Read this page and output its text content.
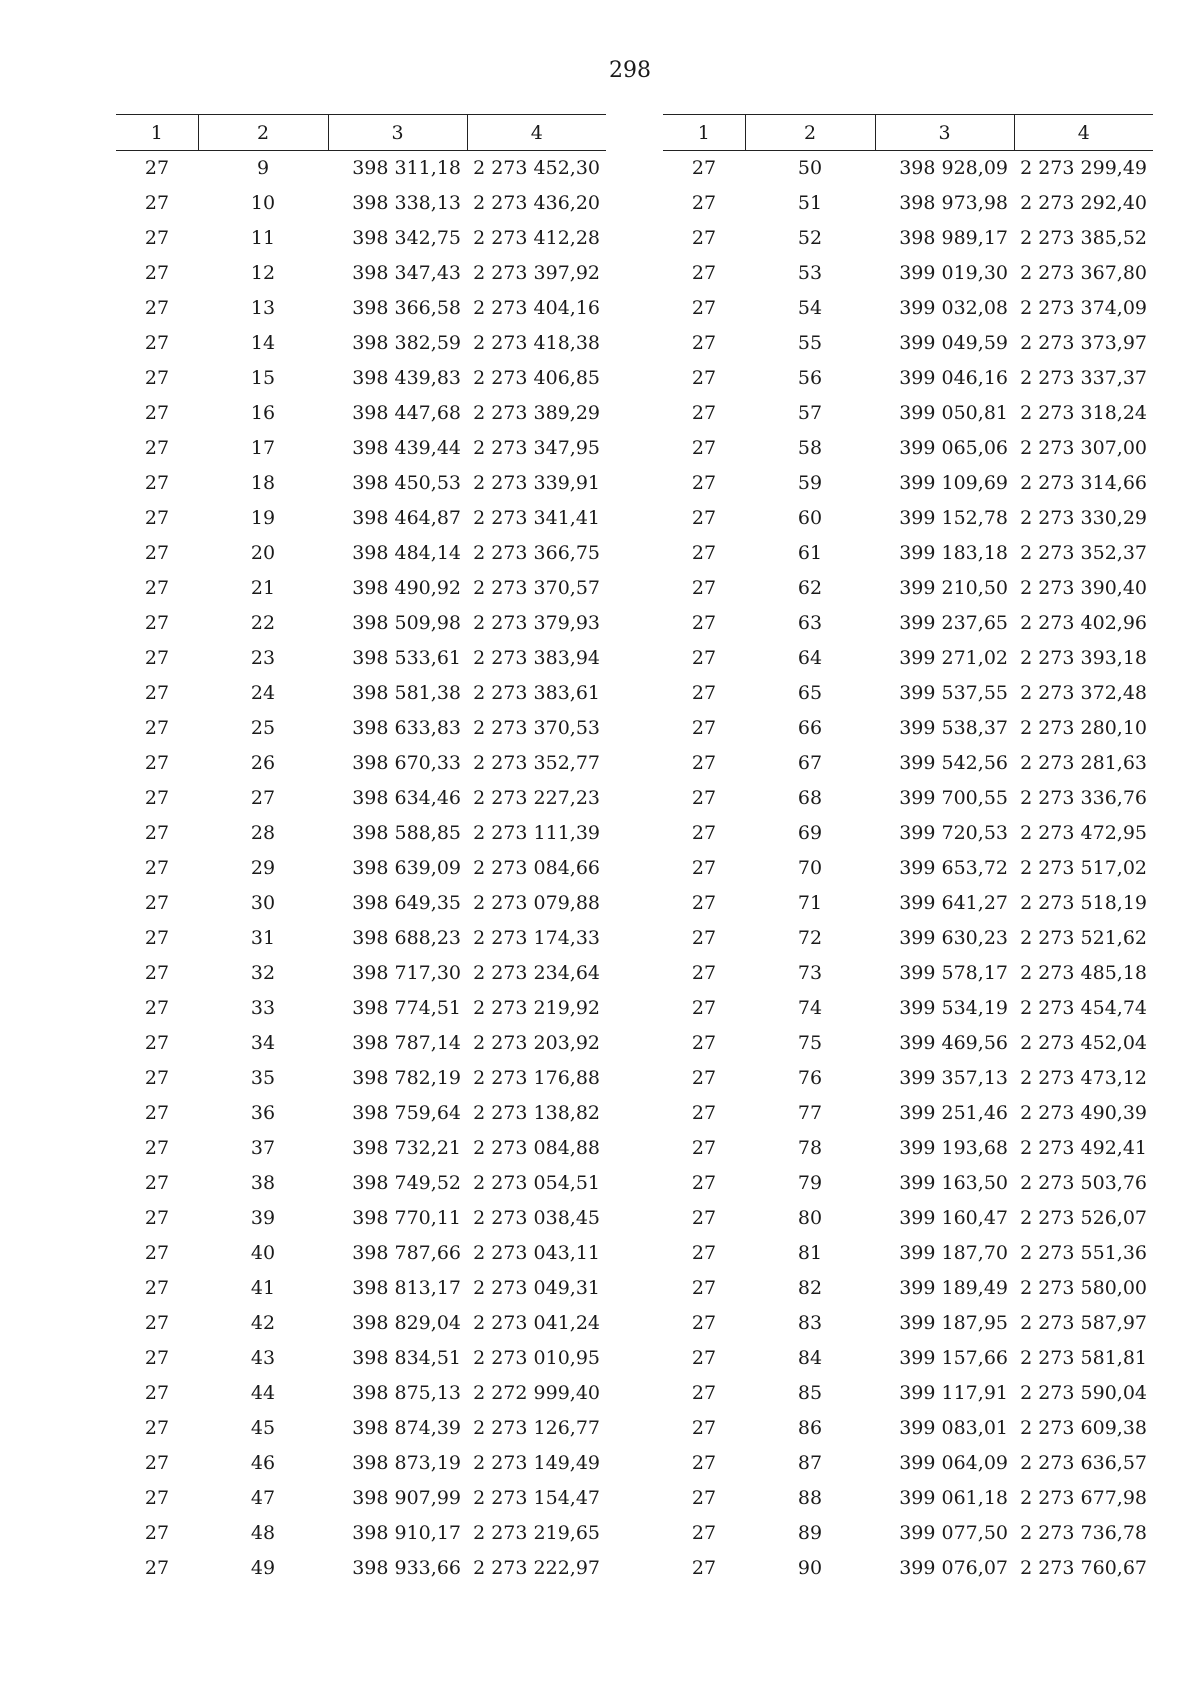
298
1	2	3	4
27	9	398 311,18	2 273 452,30
27	10	398 338,13	2 273 436,20
27	11	398 342,75	2 273 412,28
27	12	398 347,43	2 273 397,92
27	13	398 366,58	2 273 404,16
27	14	398 382,59	2 273 418,38
27	15	398 439,83	2 273 406,85
27	16	398 447,68	2 273 389,29
27	17	398 439,44	2 273 347,95
27	18	398 450,53	2 273 339,91
27	19	398 464,87	2 273 341,41
27	20	398 484,14	2 273 366,75
27	21	398 490,92	2 273 370,57
27	22	398 509,98	2 273 379,93
27	23	398 533,61	2 273 383,94
27	24	398 581,38	2 273 383,61
27	25	398 633,83	2 273 370,53
27	26	398 670,33	2 273 352,77
27	27	398 634,46	2 273 227,23
27	28	398 588,85	2 273 111,39
27	29	398 639,09	2 273 084,66
27	30	398 649,35	2 273 079,88
27	31	398 688,23	2 273 174,33
27	32	398 717,30	2 273 234,64
27	33	398 774,51	2 273 219,92
27	34	398 787,14	2 273 203,92
27	35	398 782,19	2 273 176,88
27	36	398 759,64	2 273 138,82
27	37	398 732,21	2 273 084,88
27	38	398 749,52	2 273 054,51
27	39	398 770,11	2 273 038,45
27	40	398 787,66	2 273 043,11
27	41	398 813,17	2 273 049,31
27	42	398 829,04	2 273 041,24
27	43	398 834,51	2 273 010,95
27	44	398 875,13	2 272 999,40
27	45	398 874,39	2 273 126,77
27	46	398 873,19	2 273 149,49
27	47	398 907,99	2 273 154,47
27	48	398 910,17	2 273 219,65
27	49	398 933,66	2 273 222,97
1	2	3	4
27	50	398 928,09	2 273 299,49
27	51	398 973,98	2 273 292,40
27	52	398 989,17	2 273 385,52
27	53	399 019,30	2 273 367,80
27	54	399 032,08	2 273 374,09
27	55	399 049,59	2 273 373,97
27	56	399 046,16	2 273 337,37
27	57	399 050,81	2 273 318,24
27	58	399 065,06	2 273 307,00
27	59	399 109,69	2 273 314,66
27	60	399 152,78	2 273 330,29
27	61	399 183,18	2 273 352,37
27	62	399 210,50	2 273 390,40
27	63	399 237,65	2 273 402,96
27	64	399 271,02	2 273 393,18
27	65	399 537,55	2 273 372,48
27	66	399 538,37	2 273 280,10
27	67	399 542,56	2 273 281,63
27	68	399 700,55	2 273 336,76
27	69	399 720,53	2 273 472,95
27	70	399 653,72	2 273 517,02
27	71	399 641,27	2 273 518,19
27	72	399 630,23	2 273 521,62
27	73	399 578,17	2 273 485,18
27	74	399 534,19	2 273 454,74
27	75	399 469,56	2 273 452,04
27	76	399 357,13	2 273 473,12
27	77	399 251,46	2 273 490,39
27	78	399 193,68	2 273 492,41
27	79	399 163,50	2 273 503,76
27	80	399 160,47	2 273 526,07
27	81	399 187,70	2 273 551,36
27	82	399 189,49	2 273 580,00
27	83	399 187,95	2 273 587,97
27	84	399 157,66	2 273 581,81
27	85	399 117,91	2 273 590,04
27	86	399 083,01	2 273 609,38
27	87	399 064,09	2 273 636,57
27	88	399 061,18	2 273 677,98
27	89	399 077,50	2 273 736,78
27	90	399 076,07	2 273 760,67
